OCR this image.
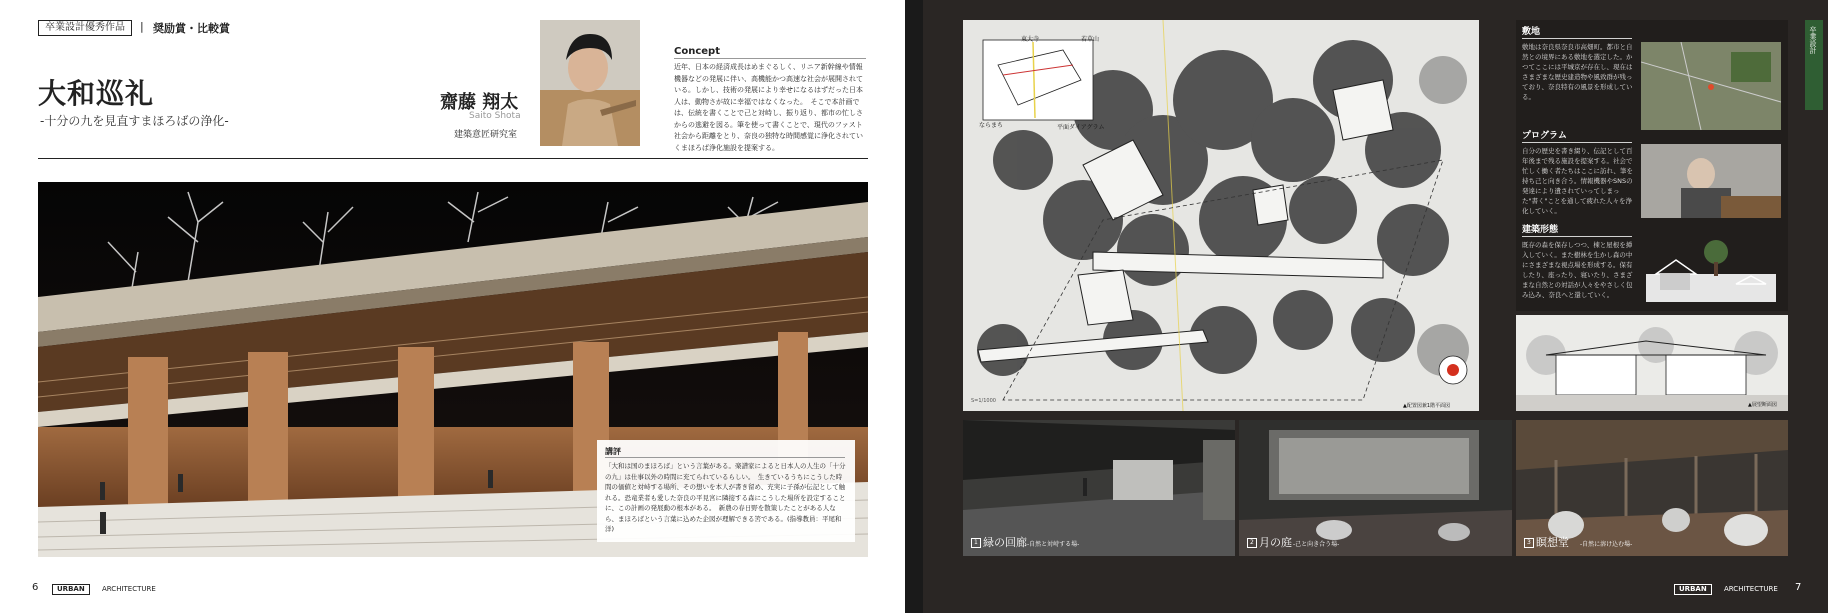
卒業設計優秀作品	| 奨励賞・比較賞
大和巡礼
-十分の九を見直すまほろばの浄化-
齋藤 翔太
Saito Shota
建築意匠研究室
Concept
近年、日本の経済成長はめまぐるしく、リニア新幹線や情報機器などの発展に伴い、高機能かつ高速な社会が展開されている。しかし、技術の発展により幸せになるはずだった日本人は、動物さが故に幸福ではなくなった。　そこで本計画では、伝統を書くことで己と対峙し、振り返り、都市の忙しさからの逃避を図る。筆を使って書くことで、現代のファスト社会から距離をとり、奈良の独特な時間感覚に浄化されていくまほろば浄化施設を提案する。
講評
「大和は国のまほろば」という言葉がある。楽譜家によると日本人の人生の「十分の九」は仕事以外の時間に充てられているらしい。　生きているうちにこうした時間の価値と対峙する場所、その想いを本人が書き留め、充実に子孫が伝記として触れる。恐竜業者も愛した奈良の平見宮に隣接する森にこうした場所を設定することに、この計画の発展動の根本がある。　新農の春日野を散策したことがある人なら、まほろばという言葉に込めた企図が理解できる筈である。(指導教員：平尾和洋)
6	URBAN	ARCHITECTURE
東大寺	若草山
ならまち	平面ダイアグラム
S=1/1000
▲配置図兼1階平面図
敷地
敷地は奈良県奈良市高畑町。都市と自然との境界にある敷地を選定した。かつてここには平城京が存在し、現在はさまざまな歴史建造物や風致群が残っており、奈良特有の風景を形成している。
プログラム
自分の歴史を書き綴り、伝記として百年後まで残る施設を提案する。社会で忙しく働く者たちはここに訪れ、筆を持ち己と向き合う。情報機器やSNSの発達により遺されていってしまった"書く"ことを通して疲れた人々を浄化していく。
建築形態
既存の森を保存しつつ、棟と屋根を挿入していく。また樹林を生かし森の中にさまざまな視点場を形成する。保有したり、座ったり、寝いたり、さまざまな自然との対話が人々をやさしく包み込み、奈良へと還していく。
▲展望断面図
1 緑の回廊 -自然と対峙する場-	2 月の庭 -己と向き合う場-	3 瞑想堂 -自然に溶け込む場-
卒業設計
URBAN	ARCHITECTURE 7
